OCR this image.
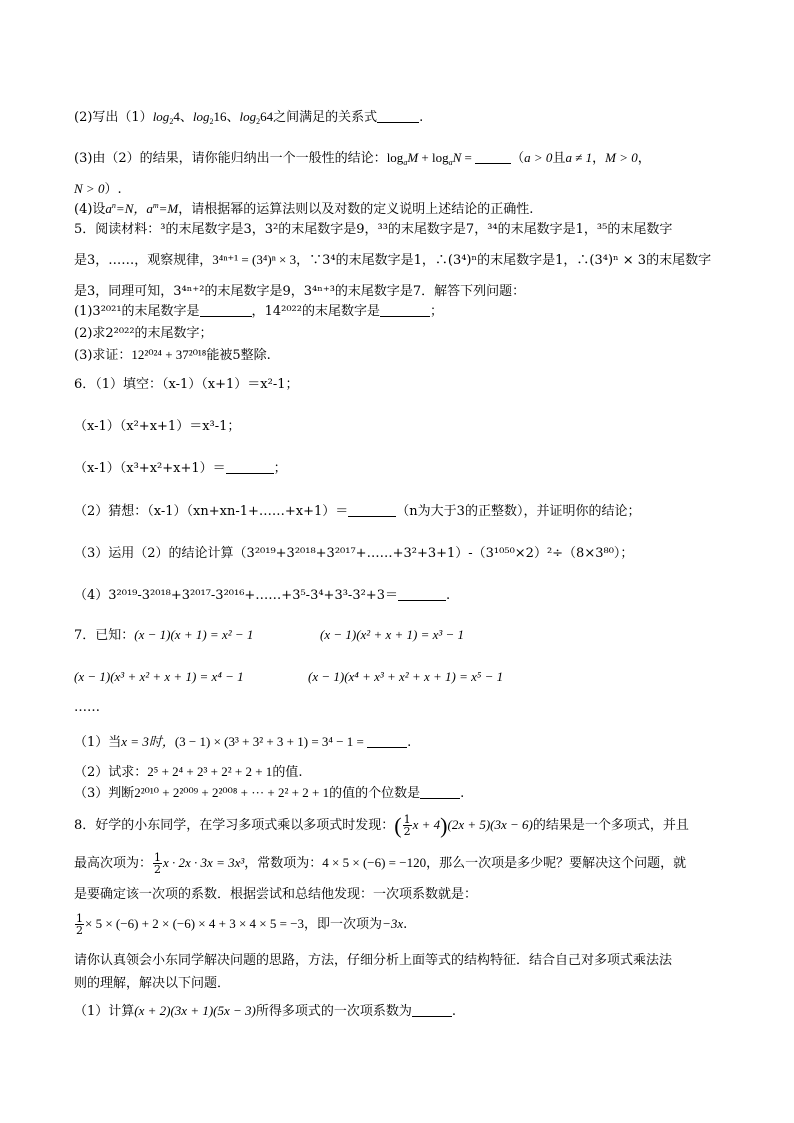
(2)写出$(1)\log_24$、$\log_216$、$\log_264$之间满足的关系式	.
(3)由（2）的结果，请你能归纳出一个一般性的结论：$\log_aM + \log_aN$ =	（a > 0且a ≠ 1，M > 0，
N > 0）.
(4)设$a^n=N$，$a^m=M$，请根据幂的运算法则以及对数的定义说明上述结论的正确性.
5．阅读材料：³的末尾数字是3，3²的末尾数字是9，³³的末尾数字是7，³⁴的末尾数字是1，³⁵的末尾数字
是3，……，观察规律，3⁴ⁿ⁺¹ = (3⁴)ⁿ × 3，∵3⁴的末尾数字是1，∴(3⁴)ⁿ的末尾数字是1，∴(3⁴)ⁿ × 3的末尾数字
是3，同理可知，3⁴ⁿ⁺²的末尾数字是9，3⁴ⁿ⁺³的末尾数字是7．解答下列问题：
(1)3²⁰²¹的末尾数字是	，14²⁰²²的末尾数字是	；
(2)求2²⁰²²的末尾数字；
(3)求证：12²⁰²⁴ + 37²⁰¹⁸能被5整除.
6．（1）填空：（x-1）（x+1）＝x²-1；
（x-1）（x²+x+1）＝x³-1；
（x-1）（x³+x²+x+1）＝	；
（2）猜想：（x-1）（xn+xn-1+……+x+1）＝	（n为大于3的正整数），并证明你的结论；
（3）运用（2）的结论计算（3²⁰¹⁹+3²⁰¹⁸+3²⁰¹⁷+……+3²+3+1）-（3¹⁰⁵⁰×2）²÷（8×3⁸⁰）；
（4）3²⁰¹⁹-3²⁰¹⁸+3²⁰¹⁷-3²⁰¹⁶+……+3⁵-3⁴+3³-3²+3＝	.
7．已知：(x − 1)(x + 1) = x² − 1	(x − 1)(x² + x + 1) = x³ − 1
(x − 1)(x³ + x² + x + 1) = x⁴ − 1	(x − 1)(x⁴ + x³ + x² + x + 1) = x⁵ − 1
……
（1）当x = 3时，(3 − 1) × (3³ + 3² + 3 + 1) = 3⁴ − 1 =	.
（2）试求：2⁵ + 2⁴ + 2³ + 2² + 2 + 1的值.
（3）判断2²⁰¹⁰ + 2²⁰⁰⁹ + 2²⁰⁰⁸ + ··· + 2² + 2 + 1的值的个位数是	.
8．好学的小东同学，在学习多项式乘以多项式时发现：( $\frac{1}{2}$ x + 4)(2x + 5)(3x − 6)的结果是一个多项式，并且
最高次项为： $\frac{1}{2}$ x · 2x · 3x = 3x³，常数项为：4 × 5 × (−6) = −120，那么一次项是多少呢？要解决这个问题，就
是要确定该一次项的系数．根据尝试和总结他发现：一次项系数就是：
$\frac{1}{2} \times 5 \times (-6) + 2 \times (-6) \times 4 + 3 \times 4 \times 5 = -3$，即一次项为−3x.
请你认真领会小东同学解决问题的思路，方法，仔细分析上面等式的结构特征．结合自己对多项式乘法法
则的理解，解决以下问题．
（1）计算(x + 2)(3x + 1)(5x − 3)所得多项式的一次项系数为	.
